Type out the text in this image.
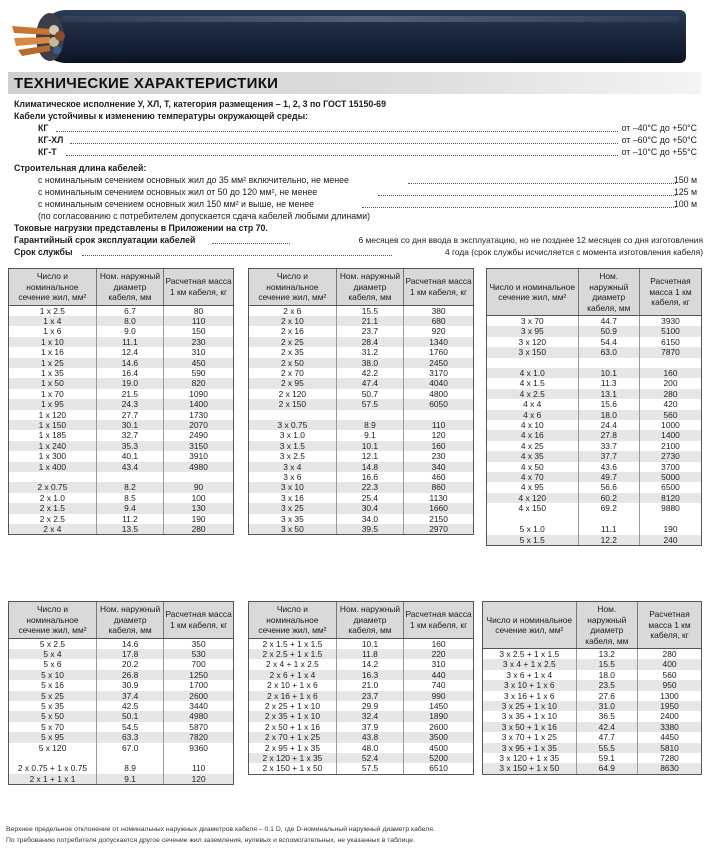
ТЕХНИЧЕСКИЕ ХАРАКТЕРИСТИКИ
Климатическое исполнение У, ХЛ, Т, категория размещения – 1, 2, 3 по ГОСТ 15150-69
Кабели устойчивы к изменению температуры окружающей среды:
КГ	от –40°С до +50°С
КГ-ХЛ	от –60°С до +50°С
КГ-Т	от –10°С до +55°С
Строительная длина кабелей:
с номинальным сечением основных жил до 35 мм² включительно, не менее	150 м
с номинальным сечением основных жил от 50 до 120 мм², не менее	125 м
с номинальным сечением основных жил 150 мм² и выше, не менее	100 м
(по согласованию с потребителем допускается сдача кабелей любыми длинами)
Токовые нагрузки представлены в Приложении на стр 70.
Гарантийный срок эксплуатации кабелей	6 месяцев со дня ввода в эксплуатацию, но не позднее 12 месяцев со дня изготовления
Срок службы	4 года (срок службы исчисляется с момента изготовления кабеля)
Число и номинальное сечение жил, мм²	Ном. наружный диаметр кабеля, мм	Расчетная масса 1 км кабеля, кг
1 х 2.5	6.7	80
1 х 4	8.0	110
1 х 6	9.0	150
1 х 10	11.1	230
1 х 16	12.4	310
1 х 25	14.6	450
1 х 35	16.4	590
1 х 50	19.0	820
1 х 70	21.5	1090
1 х 95	24.3	1400
1 х 120	27.7	1730
1 х 150	30.1	2070
1 х 185	32.7	2490
1 х 240	35.3	3150
1 х 300	40.1	3910
1 х 400	43.4	4980

2 х 0.75	8.2	90
2 х 1.0	8.5	100
2 х 1.5	9.4	130
2 х 2.5	11.2	190
2 х 4	13.5	280
Число и номинальное сечение жил, мм²	Ном. наружный диаметр кабеля, мм	Расчетная масса 1 км кабеля, кг
2 х 6	15.5	380
2 х 10	21.1	680
2 х 16	23.7	920
2 х 25	28.4	1340
2 х 35	31.2	1760
2 х 50	38.0	2450
2 х 70	42.2	3170
2 х 95	47.4	4040
2 х 120	50.7	4800
2 х 150	57.5	6050

3 х 0.75	8.9	110
3 х 1.0	9.1	120
3 х 1.5	10.1	160
3 х 2.5	12.1	230
3 х 4	14.8	340
3 х 6	16.6	460
3 х 10	22.3	860
3 х 16	25.4	1130
3 х 25	30.4	1660
3 х 35	34.0	2150
3 х 50	39.5	2970
Число и номинальное сечение жил, мм²	Ном. наружный диаметр кабеля, мм	Расчетная масса 1 км кабеля, кг
3 х 70	44.7	3930
3 х 95	50.9	5100
3 х 120	54.4	6150
3 х 150	63.0	7870

4 х 1.0	10.1	160
4 х 1.5	11.3	200
4 х 2.5	13.1	280
4 х 4	15.6	420
4 х 6	18.0	560
4 х 10	24.4	1000
4 х 16	27.8	1400
4 х 25	33.7	2100
4 х 35	37.7	2730
4 х 50	43.6	3700
4 х 70	49.7	5000
4 х 95	56.6	6500
4 х 120	60.2	8120
4 х 150	69.2	9880

5 х 1.0	11.1	190
5 х 1.5	12.2	240
Число и номинальное сечение жил, мм²	Ном. наружный диаметр кабеля, мм	Расчетная масса 1 км кабеля, кг
5 х 2.5	14.6	350
5 х 4	17.8	530
5 х 6	20.2	700
5 х 10	26.8	1250
5 х 16	30.9	1700
5 х 25	37.4	2600
5 х 35	42.5	3440
5 х 50	50.1	4980
5 х 70	54.5	5870
5 х 95	63.3	7820
5 х 120	67.0	9360

2 х 0.75 + 1 х 0.75	8.9	110
2 х 1 + 1 х 1	9.1	120
Число и номинальное сечение жил, мм²	Ном. наружный диаметр кабеля, мм	Расчетная масса 1 км кабеля, кг
2 х 1.5 + 1 х 1.5	10.1	160
2 х 2.5 + 1 х 1.5	11.8	220
2 х 4 + 1 х 2.5	14.2	310
2 х 6 + 1 х 4	16.3	440
2 х 10 + 1 х 6	21.0	740
2 х 16 + 1 х 6	23.7	990
2 х 25 + 1 х 10	29.9	1450
2 х 35 + 1 х 10	32.4	1890
2 х 50 + 1 х 16	37.9	2600
2 х 70 + 1 х 25	43.8	3500
2 х 95 + 1 х 35	48.0	4500
2 х 120 + 1 х 35	52.4	5200
2 х 150 + 1 х 50	57.5	6510
Число и номинальное сечение жил, мм²	Ном. наружный диаметр кабеля, мм	Расчетная масса 1 км кабеля, кг
3 х 2.5 + 1 х 1.5	13.2	280
3 х 4 + 1 х 2.5	15.5	400
3 х 6 + 1 х 4	18.0	560
3 х 10 + 1 х 6	23.5	950
3 х 16 + 1 х 6	27.6	1300
3 х 25 + 1 х 10	31.0	1950
3 х 35 + 1 х 10	36.5	2400
3 х 50 + 1 х 16	42.4	3380
3 х 70 + 1 х 25	47.7	4450
3 х 95 + 1 х 35	55.5	5810
3 х 120 + 1 х 35	59.1	7280
3 х 150 + 1 х 50	64.9	8630
Верхнее предельное отклонение от номинальных наружных диаметров кабеля – 0.1 D, где D-номинальный наружный диаметр кабеля.
По требованию потребителя допускается другое сечение жил заземления, нулевых и вспомогательных, не указанных в таблице.
